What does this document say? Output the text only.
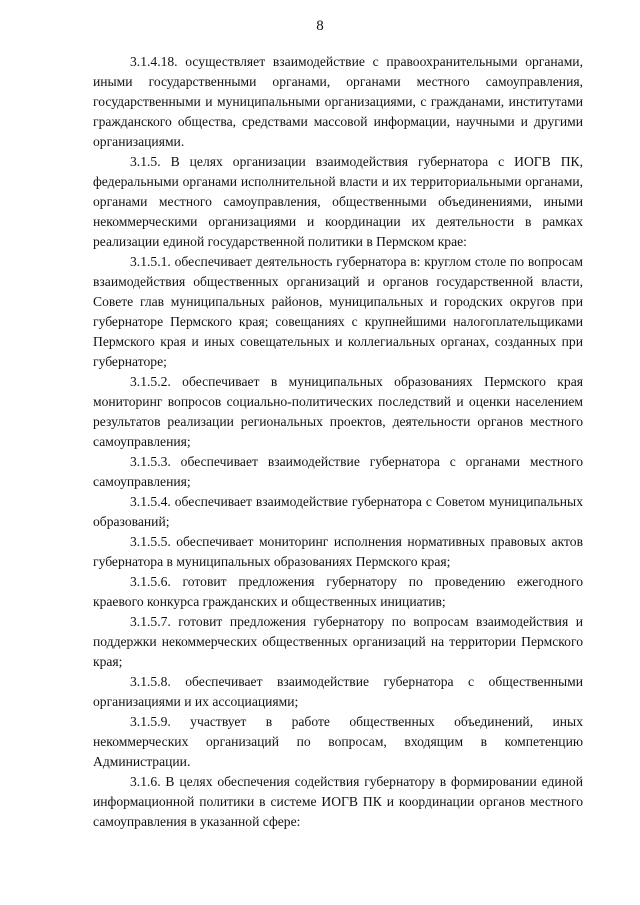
8

3.1.4.18. осуществляет взаимодействие с правоохранительными органами, иными государственными органами, органами местного самоуправления, государственными и муниципальными организациями, с гражданами, институтами гражданского общества, средствами массовой информации, научными и другими организациями.

3.1.5. В целях организации взаимодействия губернатора с ИОГВ ПК, федеральными органами исполнительной власти и их территориальными органами, органами местного самоуправления, общественными объединениями, иными некоммерческими организациями и координации их деятельности в рамках реализации единой государственной политики в Пермском крае:

3.1.5.1. обеспечивает деятельность губернатора в: круглом столе по вопросам взаимодействия общественных организаций и органов государственной власти, Совете глав муниципальных районов, муниципальных и городских округов при губернаторе Пермского края; совещаниях с крупнейшими налогоплательщиками Пермского края и иных совещательных и коллегиальных органах, созданных при губернаторе;

3.1.5.2. обеспечивает в муниципальных образованиях Пермского края мониторинг вопросов социально-политических последствий и оценки населением результатов реализации региональных проектов, деятельности органов местного самоуправления;

3.1.5.3. обеспечивает взаимодействие губернатора с органами местного самоуправления;

3.1.5.4. обеспечивает взаимодействие губернатора с Советом муниципальных образований;

3.1.5.5. обеспечивает мониторинг исполнения нормативных правовых актов губернатора в муниципальных образованиях Пермского края;

3.1.5.6. готовит предложения губернатору по проведению ежегодного краевого конкурса гражданских и общественных инициатив;

3.1.5.7. готовит предложения губернатору по вопросам взаимодействия и поддержки некоммерческих общественных организаций на территории Пермского края;

3.1.5.8. обеспечивает взаимодействие губернатора с общественными организациями и их ассоциациями;

3.1.5.9. участвует в работе общественных объединений, иных некоммерческих организаций по вопросам, входящим в компетенцию Администрации.

3.1.6. В целях обеспечения содействия губернатору в формировании единой информационной политики в системе ИОГВ ПК и координации органов местного самоуправления в указанной сфере:
